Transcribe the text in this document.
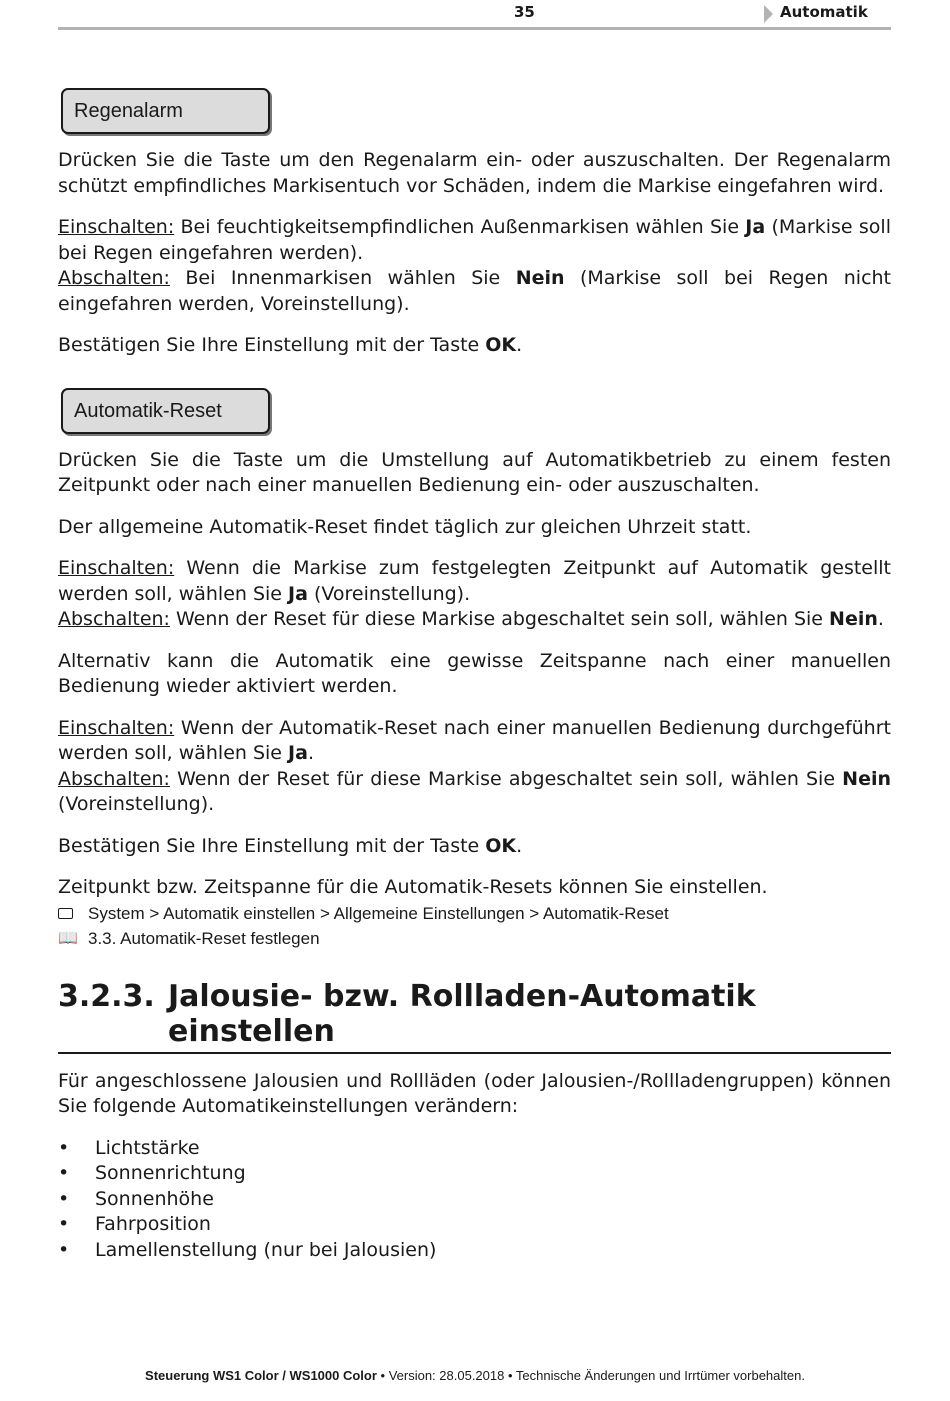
35	Automatik
Regenalarm

Drücken Sie die Taste um den Regenalarm ein- oder auszuschalten. Der Regenalarm schützt empfindliches Markisentuch vor Schäden, indem die Markise eingefahren wird.

Einschalten: Bei feuchtigkeitsempfindlichen Außenmarkisen wählen Sie Ja (Markise soll bei Regen eingefahren werden).

Abschalten: Bei Innenmarkisen wählen Sie Nein (Markise soll bei Regen nicht eingefahren werden, Voreinstellung).

Bestätigen Sie Ihre Einstellung mit der Taste OK.

Automatik-Reset

Drücken Sie die Taste um die Umstellung auf Automatikbetrieb zu einem festen Zeitpunkt oder nach einer manuellen Bedienung ein- oder auszuschalten.

Der allgemeine Automatik-Reset findet täglich zur gleichen Uhrzeit statt.

Einschalten: Wenn die Markise zum festgelegten Zeitpunkt auf Automatik gestellt werden soll, wählen Sie Ja (Voreinstellung).

Abschalten: Wenn der Reset für diese Markise abgeschaltet sein soll, wählen Sie Nein.

Alternativ kann die Automatik eine gewisse Zeitspanne nach einer manuellen Bedienung wieder aktiviert werden.

Einschalten: Wenn der Automatik-Reset nach einer manuellen Bedienung durchgeführt werden soll, wählen Sie Ja.

Abschalten: Wenn der Reset für diese Markise abgeschaltet sein soll, wählen Sie Nein (Voreinstellung).

Bestätigen Sie Ihre Einstellung mit der Taste OK.

Zeitpunkt bzw. Zeitspanne für die Automatik-Resets können Sie einstellen.

System > Automatik einstellen > Allgemeine Einstellungen > Automatik-Reset
📖 3.3. Automatik-Reset festlegen
3.2.3. Jalousie- bzw. Rollladen-Automatik einstellen

Für angeschlossene Jalousien und Rollläden (oder Jalousien-/Rollladengruppen) können Sie folgende Automatikeinstellungen verändern:

• Lichtstärke
• Sonnenrichtung
• Sonnenhöhe
• Fahrposition
• Lamellenstellung (nur bei Jalousien)
Steuerung WS1 Color / WS1000 Color • Version: 28.05.2018 • Technische Änderungen und Irrtümer vorbehalten.
